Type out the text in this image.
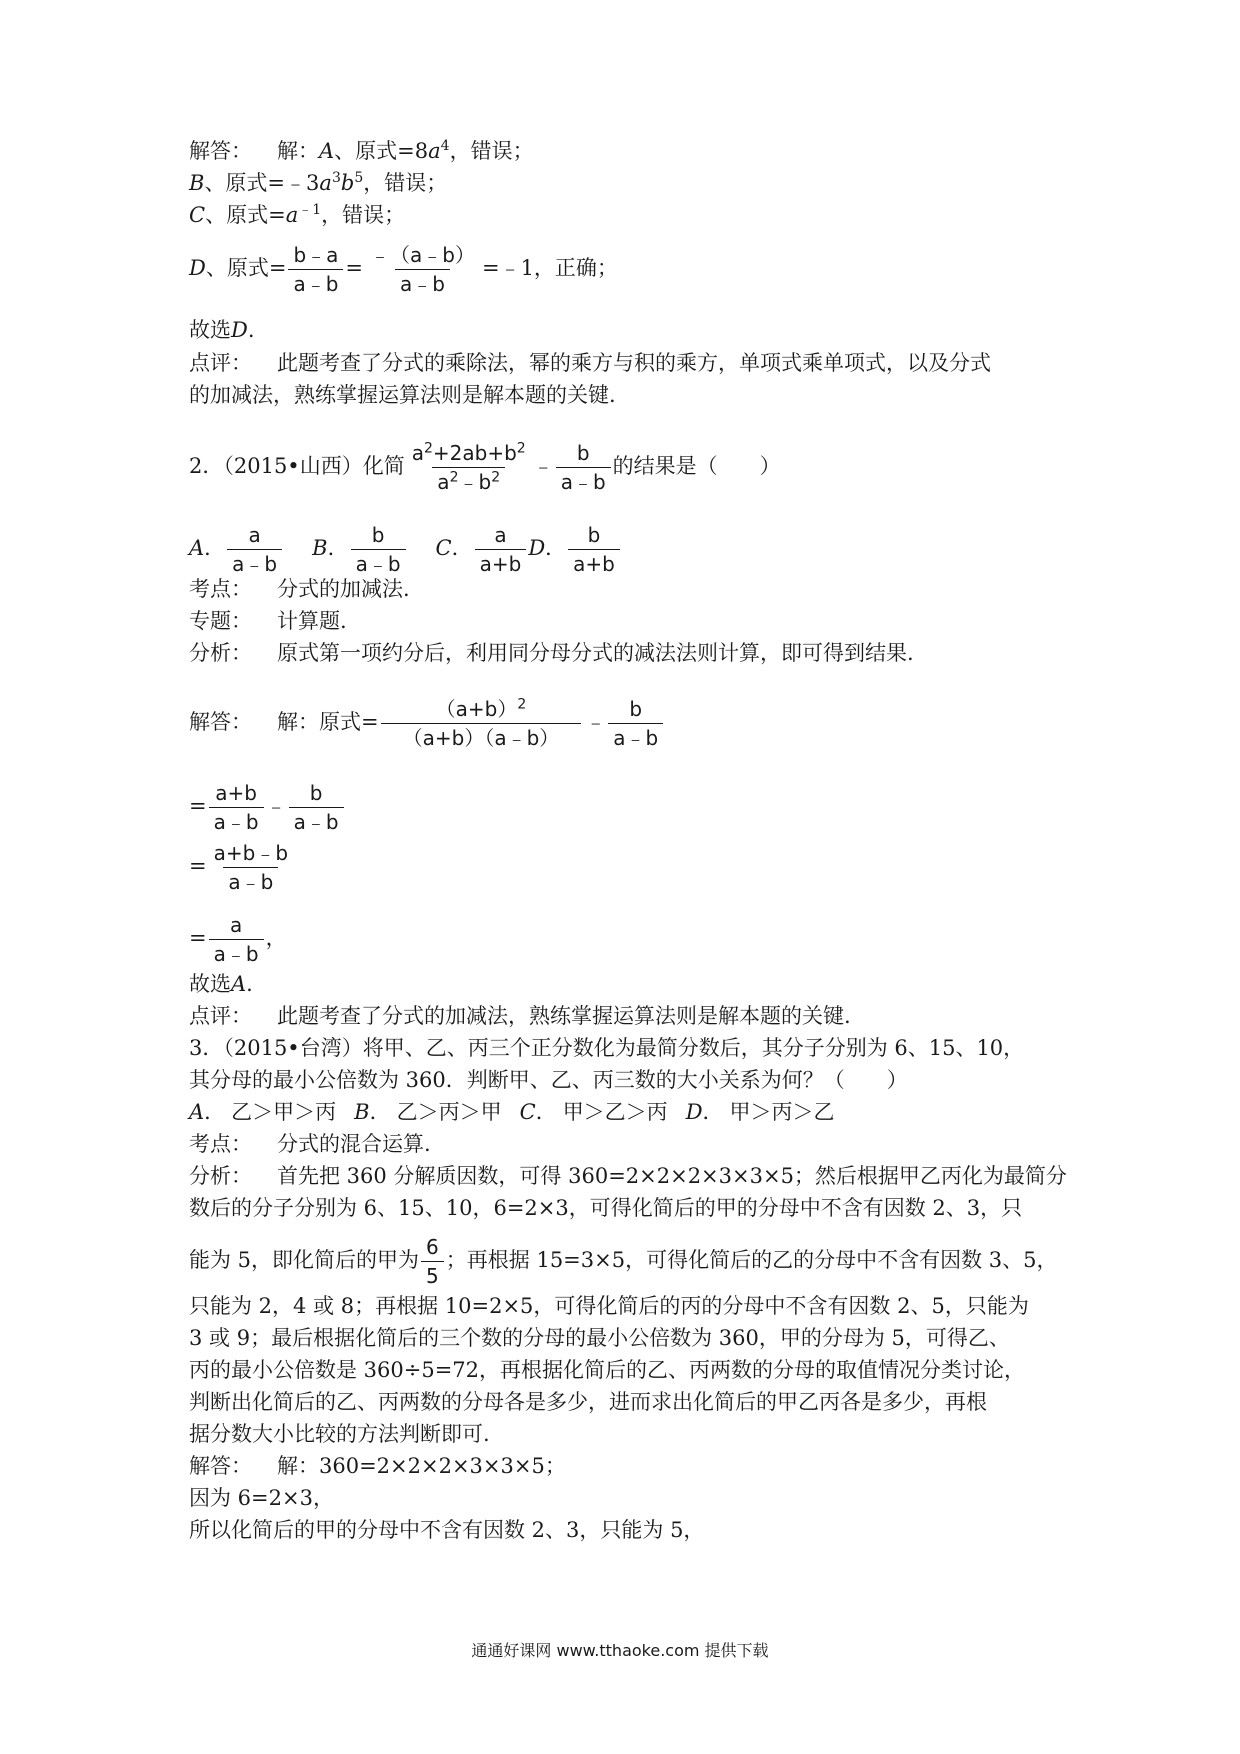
解答： 解：A、原式$=8a^4$，错误；
B、原式$=﹣3a^3b^5$，错误；
C、原式$=a^{﹣1}$，错误；
D、原式= $\frac{b﹣a}{a﹣b} = \frac{﹣(a﹣b)}{a﹣b}$ =﹣1，正确；
故选D.
点评： 此题考查了分式的乘除法，幂的乘方与积的乘方，单项式乘单项式，以及分式
的加减法，熟练掌握运算法则是解本题的关键.
2．（2015•山西）化简 $\frac{a^2+2ab+b^2}{a^2﹣b^2}$ ﹣ $\frac{b}{a﹣b}$ 的结果是（　　）
A． $\frac{a}{a﹣b}$ B． $\frac{b}{a﹣b}$ C． $\frac{a}{a+b}$ D． $\frac{b}{a+b}$
考点： 分式的加减法.
专题： 计算题.
分析： 原式第一项约分后，利用同分母分式的减法法则计算，即可得到结果.
解答： 解：原式= $\frac{(a+b)^2}{(a+b)(a﹣b)}$ ﹣ $\frac{b}{a﹣b}$
= $\frac{a+b}{a﹣b}$ ﹣ $\frac{b}{a﹣b}$
= $\frac{a+b﹣b}{a﹣b}$
= $\frac{a}{a﹣b}$ ，
故选A.
点评： 此题考查了分式的加减法，熟练掌握运算法则是解本题的关键.
3．（2015•台湾）将甲、乙、丙三个正分数化为最简分数后，其分子分别为 6、15、10，
其分母的最小公倍数为 360．判断甲、乙、丙三数的大小关系为何？（　　）
A． 乙＞甲＞丙 B． 乙＞丙＞甲 C． 甲＞乙＞丙 D． 甲＞丙＞乙
考点： 分式的混合运算.
分析： 首先把 360 分解质因数，可得 360=2×2×2×3×3×5；然后根据甲乙丙化为最简分
数后的分子分别为 6、15、10，6=2×3，可得化简后的甲的分母中不含有因数 2、3，只
能为 5，即化简后的甲为 $\frac{6}{5}$ ；再根据 15=3×5，可得化简后的乙的分母中不含有因数 3、5，
只能为 2，4 或 8；再根据 10=2×5，可得化简后的丙的分母中不含有因数 2、5，只能为
3 或 9；最后根据化简后的三个数的分母的最小公倍数为 360，甲的分母为 5，可得乙、
丙的最小公倍数是 360÷5=72，再根据化简后的乙、丙两数的分母的取值情况分类讨论，
判断出化简后的乙、丙两数的分母各是多少，进而求出化简后的甲乙丙各是多少，再根
据分数大小比较的方法判断即可.
解答： 解：360=2×2×2×3×3×5；
因为 6=2×3，
所以化简后的甲的分母中不含有因数 2、3，只能为 5，
通通好课网 www.tthaoke.com 提供下载
